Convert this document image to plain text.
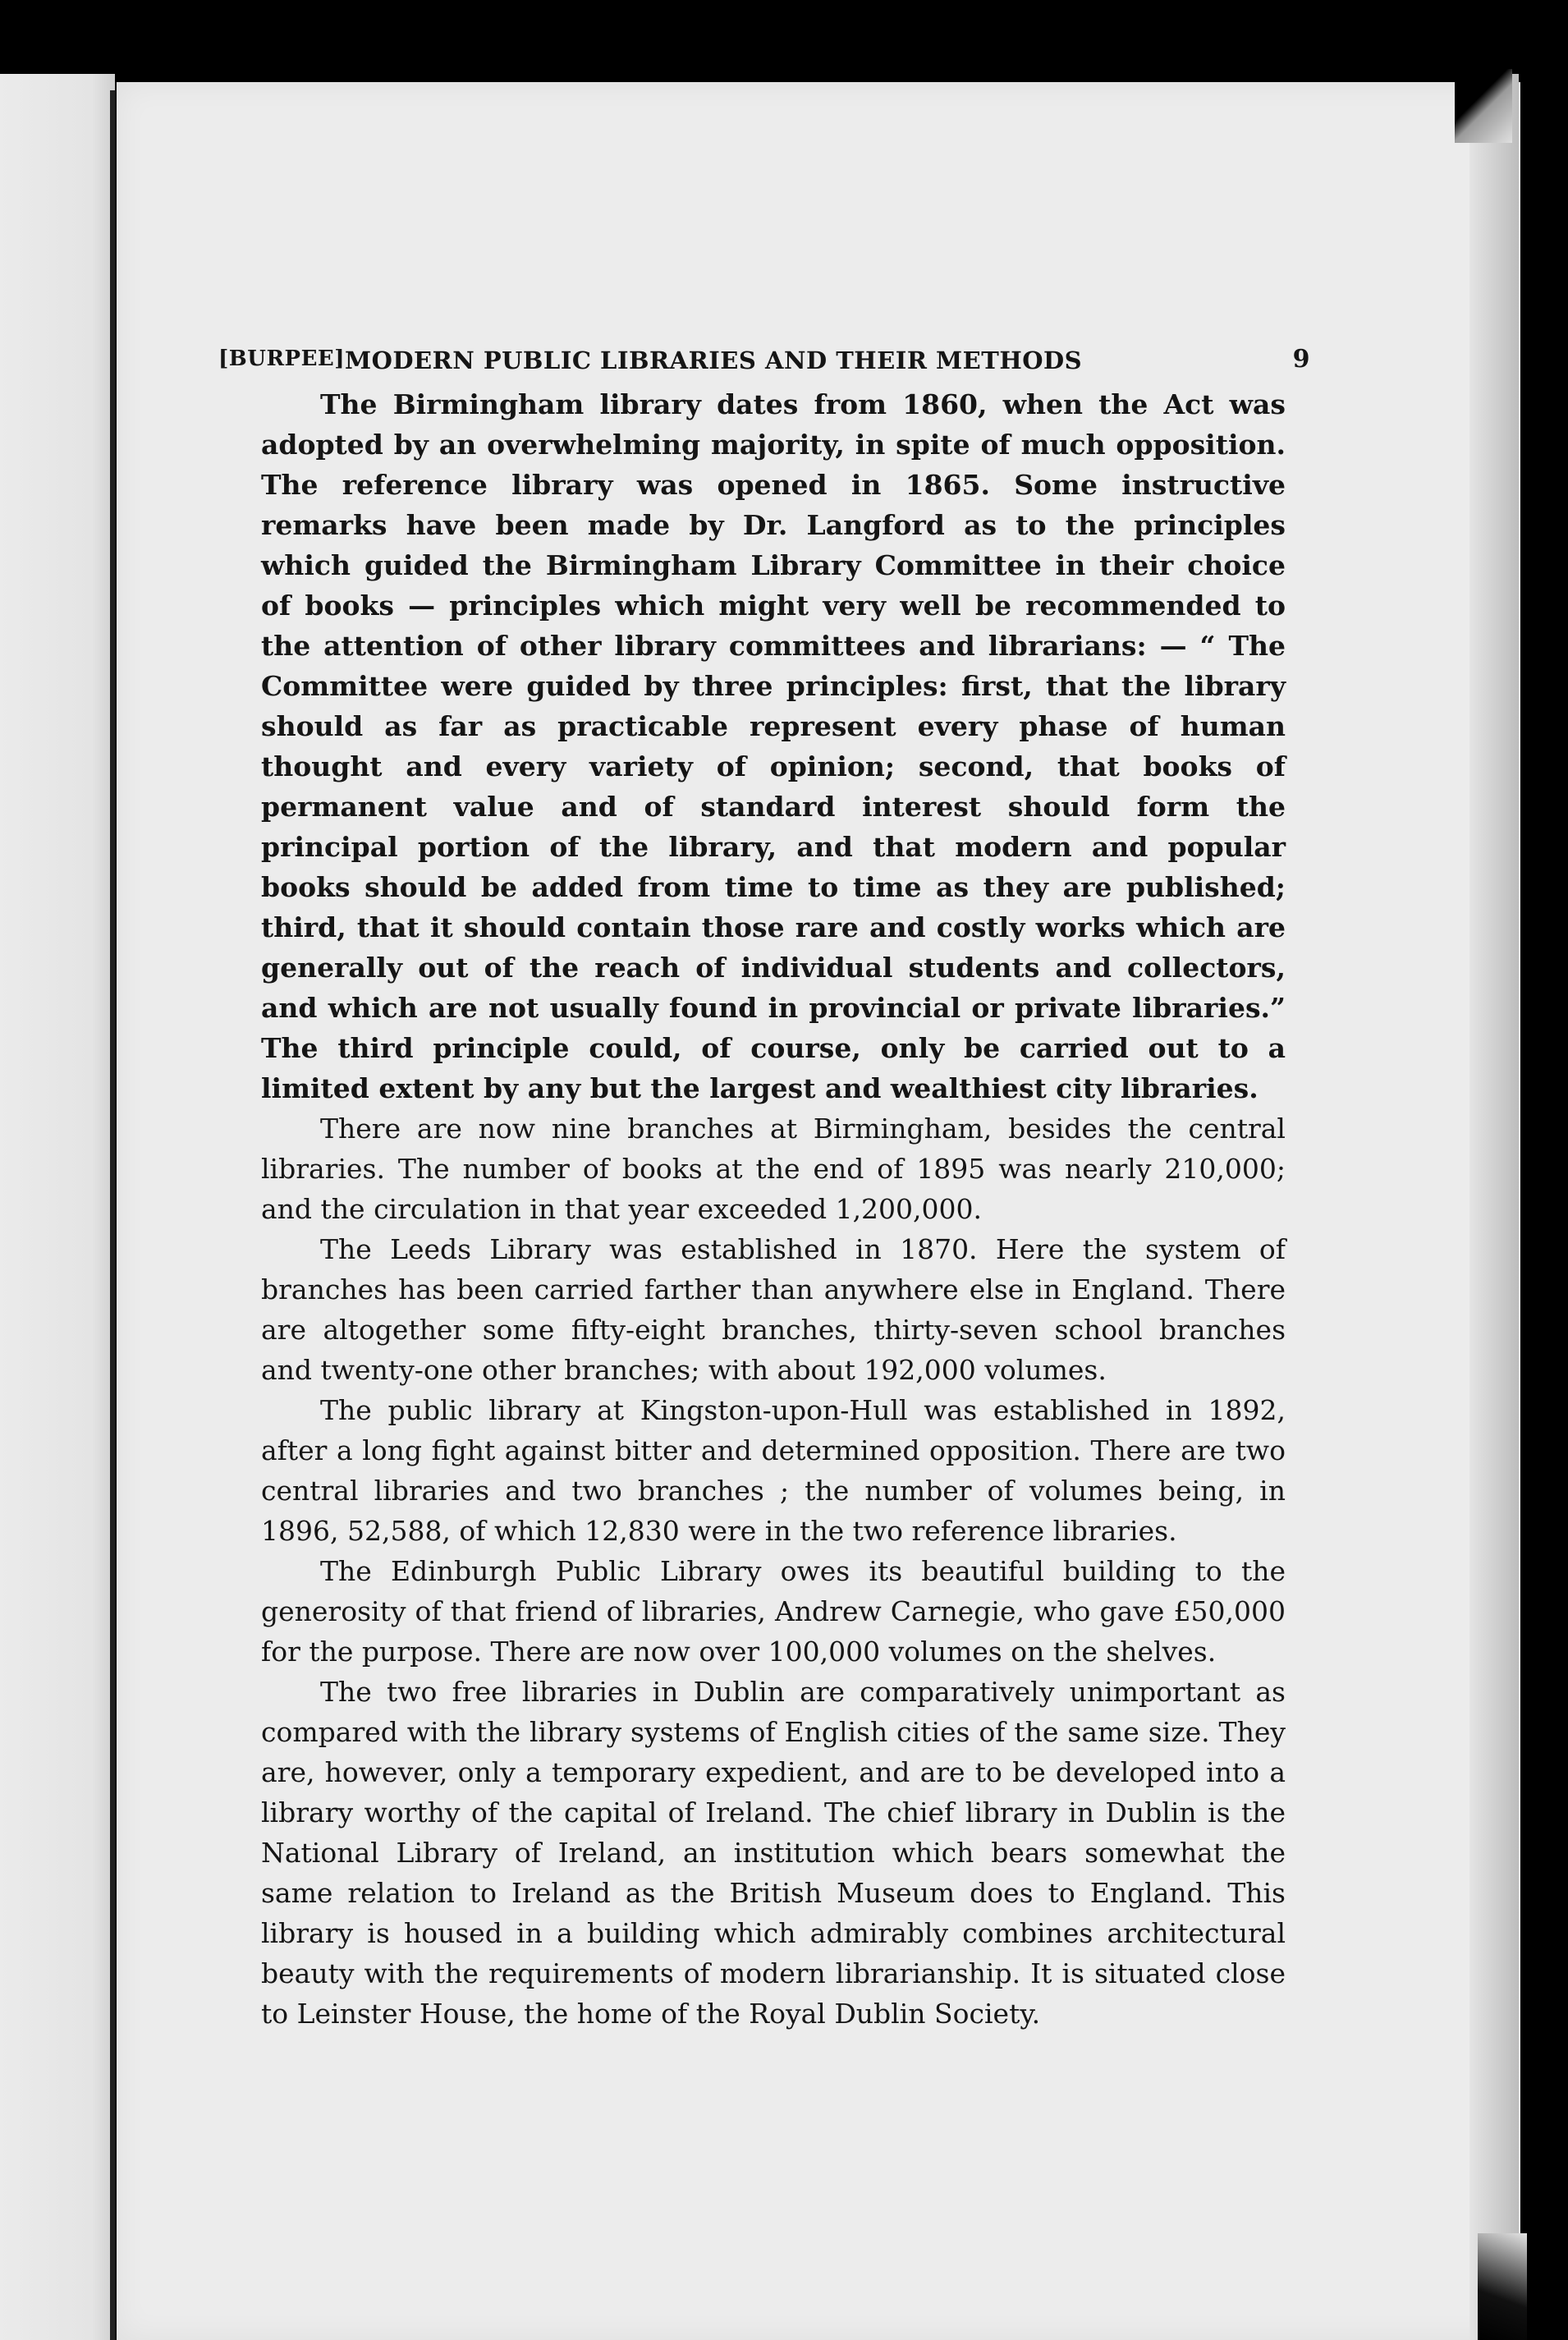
[BURPEE] MODERN PUBLIC LIBRARIES AND THEIR METHODS	9

The Birmingham library dates from 1860, when the Act was adopted by an overwhelming majority, in spite of much opposition. The reference library was opened in 1865. Some instructive remarks have been made by Dr. Langford as to the principles which guided the Birmingham Library Committee in their choice of books — principles which might very well be recommended to the attention of other library committees and librarians: — “ The Committee were guided by three principles: first, that the library should as far as practicable represent every phase of human thought and every variety of opinion; second, that books of permanent value and of standard interest should form the principal portion of the library, and that modern and popular books should be added from time to time as they are published; third, that it should contain those rare and costly works which are generally out of the reach of individual students and collectors, and which are not usually found in provincial or private libraries.” The third principle could, of course, only be carried out to a limited extent by any but the largest and wealthiest city libraries.

There are now nine branches at Birmingham, besides the central libraries. The number of books at the end of 1895 was nearly 210,000; and the circulation in that year exceeded 1,200,000.

The Leeds Library was established in 1870. Here the system of branches has been carried farther than anywhere else in England. There are altogether some fifty-eight branches, thirty-seven school branches and twenty-one other branches; with about 192,000 volumes.

The public library at Kingston-upon-Hull was established in 1892, after a long fight against bitter and determined opposition. There are two central libraries and two branches ; the number of volumes being, in 1896, 52,588, of which 12,830 were in the two reference libraries.

The Edinburgh Public Library owes its beautiful building to the generosity of that friend of libraries, Andrew Carnegie, who gave £50,000 for the purpose. There are now over 100,000 volumes on the shelves.

The two free libraries in Dublin are comparatively unimportant as compared with the library systems of English cities of the same size. They are, however, only a temporary expedient, and are to be developed into a library worthy of the capital of Ireland. The chief library in Dublin is the National Library of Ireland, an institution which bears somewhat the same relation to Ireland as the British Museum does to England. This library is housed in a building which admirably combines architectural beauty with the requirements of modern librarianship. It is situated close to Leinster House, the home of the Royal Dublin Society.
